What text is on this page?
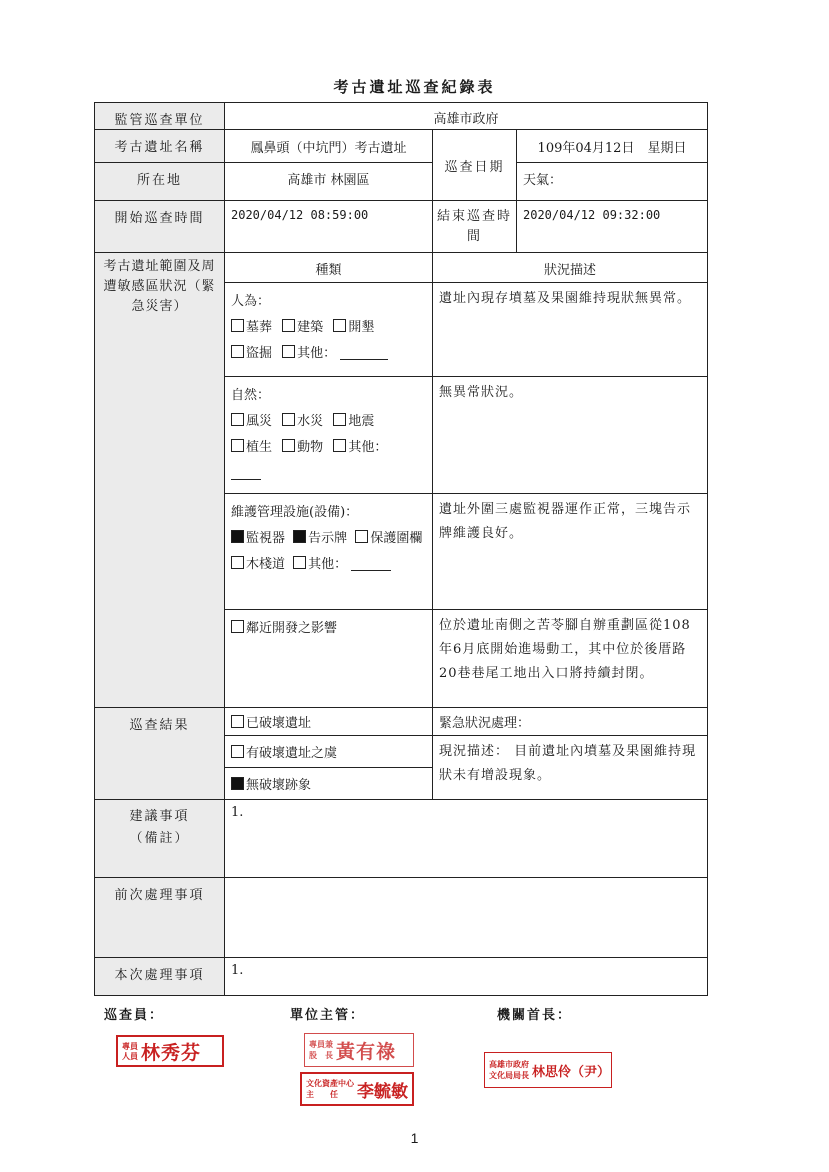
考古遺址巡查紀錄表
監管巡查單位	高雄市政府		
考古遺址名稱	鳳鼻頭（中坑門）考古遺址	巡查日期	109年04月12日　星期日
所在地	高雄市 林園區		天氣：
開始巡查時間	2020/04/12 08:59:00	結束巡查時間	2020/04/12 09:32:00
考古遺址範圍及周遭敏感區狀況（緊急災害）	種類	狀況描述	

	人為：
墓葬 建築 開墾
盜掘 其他：	遺址內現存墳墓及果園維持現狀無異常。	

	自然：
風災 水災 地震
植生 動物 其他：	無異常狀況。	

	維護管理設施(設備)：
監視器 告示牌 保護圍欄
木棧道 其他：	遺址外圍三處監視器運作正常，三塊告示牌維護良好。	
	鄰近開發之影響	位於遺址南側之苦苓腳自辦重劃區從108年6月底開始進場動工，其中位於後厝路20巷巷尾工地出入口將持續封閉。	
巡查結果	已破壞遺址	緊急狀況處理：	
	有破壞遺址之虞	現況描述： 目前遺址內墳墓及果園維持現狀未有增設現象。	
	無破壞跡象		

建議事項
（備註）	1.		
前次處理事項			
本次處理事項	1.		
巡查員：	單位主管：	機關首長：
專員
人員 林秀芬	專員兼
股　長 黃有祿
文化資產中心
主　　任	李毓敏
高雄市政府
文化局局長 林思伶（尹）
1
